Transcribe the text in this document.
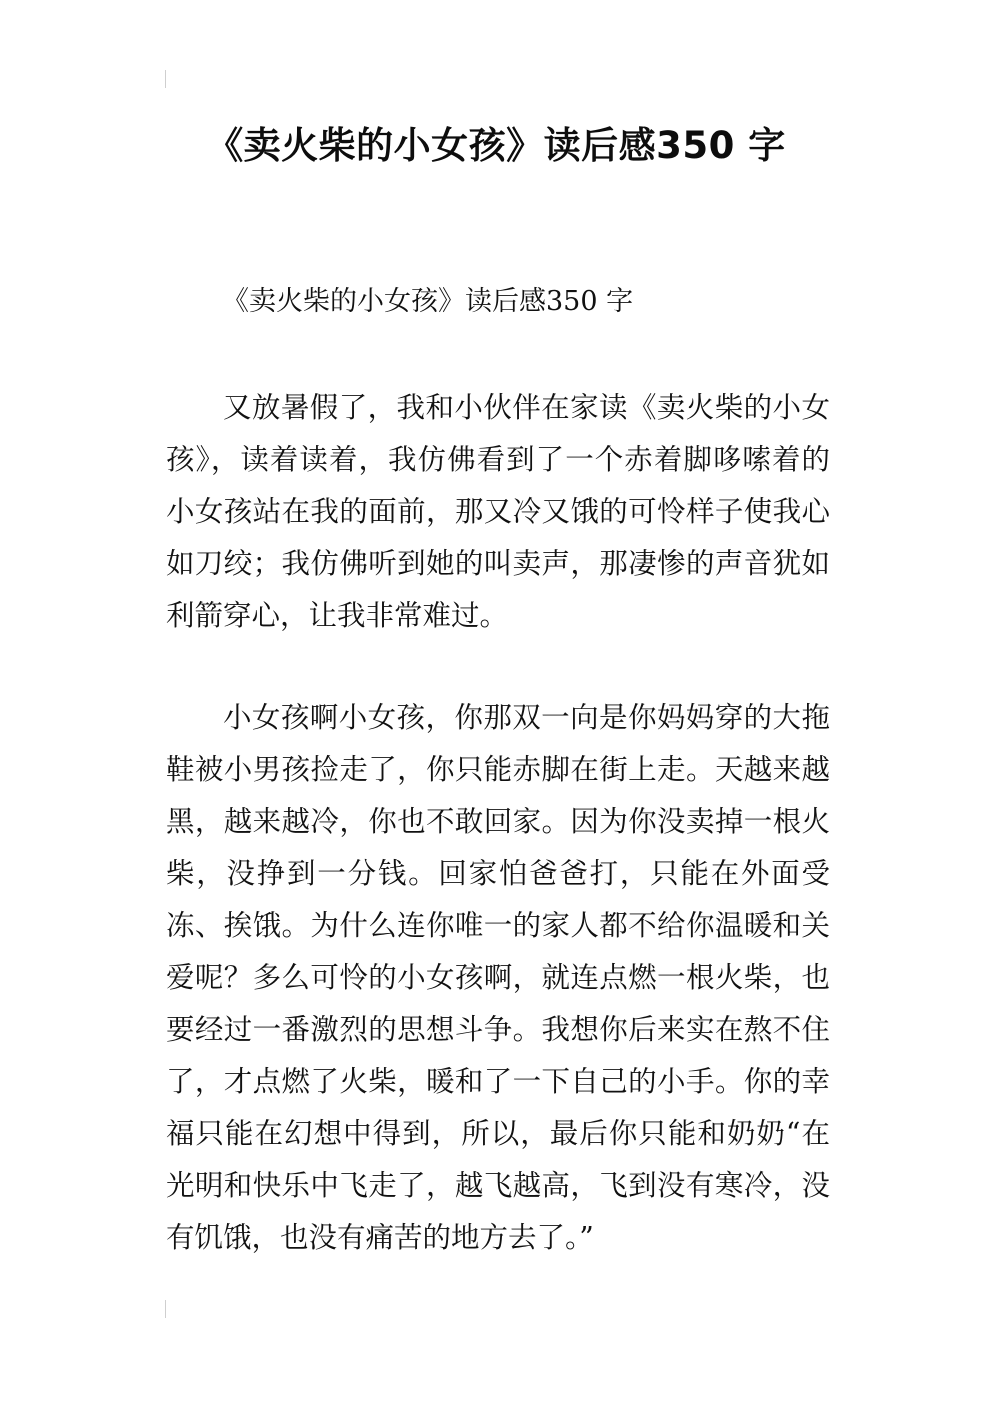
《卖火柴的小女孩》读后感350 字
《卖火柴的小女孩》读后感350 字
又放暑假了，我和小伙伴在家读《卖火柴的小女孩》，读着读着，我仿佛看到了一个赤着脚哆嗦着的小女孩站在我的面前，那又冷又饿的可怜样子使我心如刀绞；我仿佛听到她的叫卖声，那凄惨的声音犹如利箭穿心，让我非常难过。
小女孩啊小女孩，你那双一向是你妈妈穿的大拖鞋被小男孩捡走了，你只能赤脚在街上走。天越来越黑，越来越冷，你也不敢回家。因为你没卖掉一根火柴，没挣到一分钱。回家怕爸爸打，只能在外面受冻、挨饿。为什么连你唯一的家人都不给你温暖和关爱呢？多么可怜的小女孩啊，就连点燃一根火柴，也要经过一番激烈的思想斗争。我想你后来实在熬不住了，才点燃了火柴，暖和了一下自己的小手。你的幸福只能在幻想中得到，所以，最后你只能和奶奶“在光明和快乐中飞走了，越飞越高，飞到没有寒冷，没有饥饿，也没有痛苦的地方去了。”
